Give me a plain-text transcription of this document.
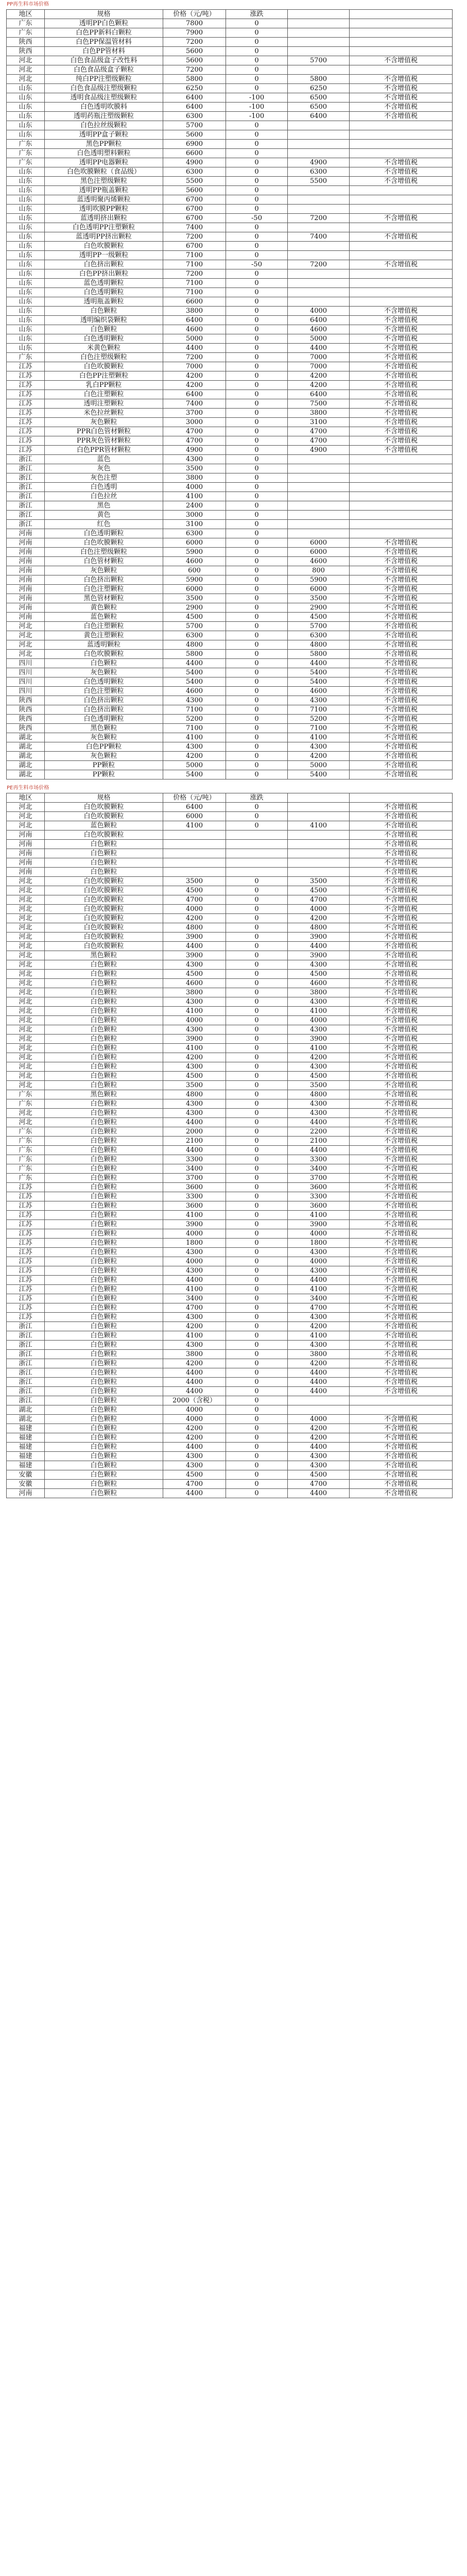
PP再生料市场价格
地区	规格	价格（元/吨）	涨跌		
广东	透明PP白色颗粒	7800	0		
广东	白色PP新料白颗粒	7900	0		
陕西	白色PP保温管材料	7200	0		
陕西	白色PP管材料	5600	0		
河北	白色食品级盒子改性料	5600	0	5700	不含增值税
河北	白色食品级盒子颗粒	7200	0		
河北	纯白PP注塑级颗粒	5800	0	5800	不含增值税
山东	白色食品级注塑级颗粒	6250	0	6250	不含增值税
山东	透明食品级注塑级颗粒	6400	-100	6500	不含增值税
山东	白色透明吹膜料	6400	-100	6500	不含增值税
山东	透明药瓶注塑级颗粒	6300	-100	6400	不含增值税
山东	白色拉丝级颗粒	5700	0		
山东	透明PP盒子颗粒	5600	0		
广东	黑色PP颗粒	6900	0		
广东	白色透明塑料颗粒	6600	0		
广东	透明PP电器颗粒	4900	0	4900	不含增值税
山东	白色吹膜颗粒（食品级）	6300	0	6300	不含增值税
山东	黑色注塑级颗粒	5500	0	5500	不含增值税
山东	透明PP瓶盖颗粒	5600	0		
山东	蓝透明聚丙烯颗粒	6700	0		
山东	透明吹膜PP颗粒	6700	0		
山东	蓝透明挤出颗粒	6700	-50	7200	不含增值税
山东	白色透明PP注塑颗粒	7400	0		
山东	蓝透明PP挤出颗粒	7200	0	7400	不含增值税
山东	白色吹膜颗粒	6700	0		
山东	透明PP一级颗粒	7100	0		
山东	白色挤出颗粒	7100	-50	7200	不含增值税
山东	白色PP挤出颗粒	7200	0		
山东	蓝色透明颗粒	7100	0		
山东	白色透明颗粒	7100	0		
山东	透明瓶盖颗粒	6600	0		
山东	白色颗粒	3800	0	4000	不含增值税
山东	透明编织袋颗粒	6400	0	6400	不含增值税
山东	白色颗粒	4600	0	4600	不含增值税
山东	白色透明颗粒	5000	0	5000	不含增值税
山东	米黄色颗粒	4400	0	4400	不含增值税
广东	白色注塑级颗粒	7200	0	7000	不含增值税
江苏	白色吹膜颗粒	7000	0	7000	不含增值税
江苏	白色PP注塑颗粒	4200	0	4200	不含增值税
江苏	乳白PP颗粒	4200	0	4200	不含增值税
江苏	白色注塑颗粒	6400	0	6400	不含增值税
江苏	透明注塑颗粒	7400	0	7500	不含增值税
江苏	米色拉丝颗粒	3700	0	3800	不含增值税
江苏	灰色颗粒	3000	0	3100	不含增值税
江苏	PPR白色管材颗粒	4700	0	4700	不含增值税
江苏	PPR灰色管材颗粒	4700	0	4700	不含增值税
江苏	白色PPR管材颗粒	4900	0	4900	不含增值税
浙江	蓝色	4300	0		
浙江	灰色	3500	0		
浙江	灰色注塑	3800	0		
浙江	白色透明	4000	0		
浙江	白色拉丝	4100	0		
浙江	黑色	2400	0		
浙江	黄色	3000	0		
浙江	红色	3100	0		
河南	白色透明颗粒	6300	0		
河南	白色吹膜颗粒	6000	0	6000	不含增值税
河南	白色注塑级颗粒	5900	0	6000	不含增值税
河南	白色管材颗粒	4600	0	4600	不含增值税
河南	灰色颗粒	600	0	800	不含增值税
河南	白色挤出颗粒	5900	0	5900	不含增值税
河南	白色注塑颗粒	6000	0	6000	不含增值税
河南	黑色管材颗粒	3500	0	3500	不含增值税
河南	黄色颗粒	2900	0	2900	不含增值税
河南	蓝色颗粒	4500	0	4500	不含增值税
河北	白色注塑颗粒	5700	0	5700	不含增值税
河北	黄色注塑颗粒	6300	0	6300	不含增值税
河北	蓝透明颗粒	4800	0	4800	不含增值税
河北	白色吹膜颗粒	5800	0	5800	不含增值税
四川	白色颗粒	4400	0	4400	不含增值税
四川	灰色颗粒	5400	0	5400	不含增值税
四川	白色透明颗粒	5400	0	5400	不含增值税
四川	白色注塑颗粒	4600	0	4600	不含增值税
陕西	白色挤出颗粒	4300	0	4300	不含增值税
陕西	白色挤出颗粒	7100	0	7100	不含增值税
陕西	白色透明颗粒	5200	0	5200	不含增值税
陕西	黑色颗粒	7100	0	7100	不含增值税
湖北	灰色颗粒	4100	0	4100	不含增值税
湖北	白色PP颗粒	4300	0	4300	不含增值税
湖北	灰色颗粒	4200	0	4200	不含增值税
湖北	PP颗粒	5000	0	5000	不含增值税
湖北	PP颗粒	5400	0	5400	不含增值税
PE再生料市场价格
地区	规格	价格（元/吨）	涨跌		
河北	白色吹膜颗粒	6400	0		不含增值税
河北	白色吹膜颗粒	6000	0		不含增值税
河北	蓝色颗粒	4100	0	4100	不含增值税
河南	白色吹膜颗粒				不含增值税
河南	白色颗粒				不含增值税
河南	白色颗粒				不含增值税
河南	白色颗粒				不含增值税
河南	白色颗粒				不含增值税
河北	白色吹膜颗粒	3500	0	3500	不含增值税
河北	白色吹膜颗粒	4500	0	4500	不含增值税
河北	白色吹膜颗粒	4700	0	4700	不含增值税
河北	白色吹膜颗粒	4000	0	4000	不含增值税
河北	白色吹膜颗粒	4200	0	4200	不含增值税
河北	白色吹膜颗粒	4800	0	4800	不含增值税
河北	白色吹膜颗粒	3900	0	3900	不含增值税
河北	白色吹膜颗粒	4400	0	4400	不含增值税
河北	黑色颗粒	3900	0	3900	不含增值税
河北	白色颗粒	4300	0	4300	不含增值税
河北	白色颗粒	4500	0	4500	不含增值税
河北	白色颗粒	4600	0	4600	不含增值税
河北	白色颗粒	3800	0	3800	不含增值税
河北	白色颗粒	4300	0	4300	不含增值税
河北	白色颗粒	4100	0	4100	不含增值税
河北	白色颗粒	4000	0	4000	不含增值税
河北	白色颗粒	4300	0	4300	不含增值税
河北	白色颗粒	3900	0	3900	不含增值税
河北	白色颗粒	4100	0	4100	不含增值税
河北	白色颗粒	4200	0	4200	不含增值税
河北	白色颗粒	4300	0	4300	不含增值税
河北	白色颗粒	4500	0	4500	不含增值税
河北	白色颗粒	3500	0	3500	不含增值税
广东	黑色颗粒	4800	0	4800	不含增值税
广东	白色颗粒	4300	0	4300	不含增值税
河北	白色颗粒	4300	0	4300	不含增值税
河北	白色颗粒	4400	0	4400	不含增值税
广东	白色颗粒	2000	0	2200	不含增值税
广东	白色颗粒	2100	0	2100	不含增值税
广东	白色颗粒	4400	0	4400	不含增值税
广东	白色颗粒	3300	0	3300	不含增值税
广东	白色颗粒	3400	0	3400	不含增值税
广东	白色颗粒	3700	0	3700	不含增值税
江苏	白色颗粒	3600	0	3600	不含增值税
江苏	白色颗粒	3300	0	3300	不含增值税
江苏	白色颗粒	3600	0	3600	不含增值税
江苏	白色颗粒	4100	0	4100	不含增值税
江苏	白色颗粒	3900	0	3900	不含增值税
江苏	白色颗粒	4000	0	4000	不含增值税
江苏	白色颗粒	1800	0	1800	不含增值税
江苏	白色颗粒	4300	0	4300	不含增值税
江苏	白色颗粒	4000	0	4000	不含增值税
江苏	白色颗粒	4300	0	4300	不含增值税
江苏	白色颗粒	4400	0	4400	不含增值税
江苏	白色颗粒	4100	0	4100	不含增值税
江苏	白色颗粒	3400	0	3400	不含增值税
江苏	白色颗粒	4700	0	4700	不含增值税
江苏	白色颗粒	4300	0	4300	不含增值税
浙江	白色颗粒	4200	0	4200	不含增值税
浙江	白色颗粒	4100	0	4100	不含增值税
浙江	白色颗粒	4300	0	4300	不含增值税
浙江	白色颗粒	3800	0	3800	不含增值税
浙江	白色颗粒	4200	0	4200	不含增值税
浙江	白色颗粒	4400	0	4400	不含增值税
浙江	白色颗粒	4400	0	4400	不含增值税
浙江	白色颗粒	4400	0	4400	不含增值税
浙江	白色颗粒	2000（含税）	0		
湖北	白色颗粒	4000	0		
湖北	白色颗粒	4000	0	4000	不含增值税
福建	白色颗粒	4200	0	4200	不含增值税
福建	白色颗粒	4200	0	4200	不含增值税
福建	白色颗粒	4400	0	4400	不含增值税
福建	白色颗粒	4300	0	4300	不含增值税
福建	白色颗粒	4300	0	4300	不含增值税
安徽	白色颗粒	4500	0	4500	不含增值税
安徽	白色颗粒	4700	0	4700	不含增值税
河南	白色颗粒	4400	0	4400	不含增值税
